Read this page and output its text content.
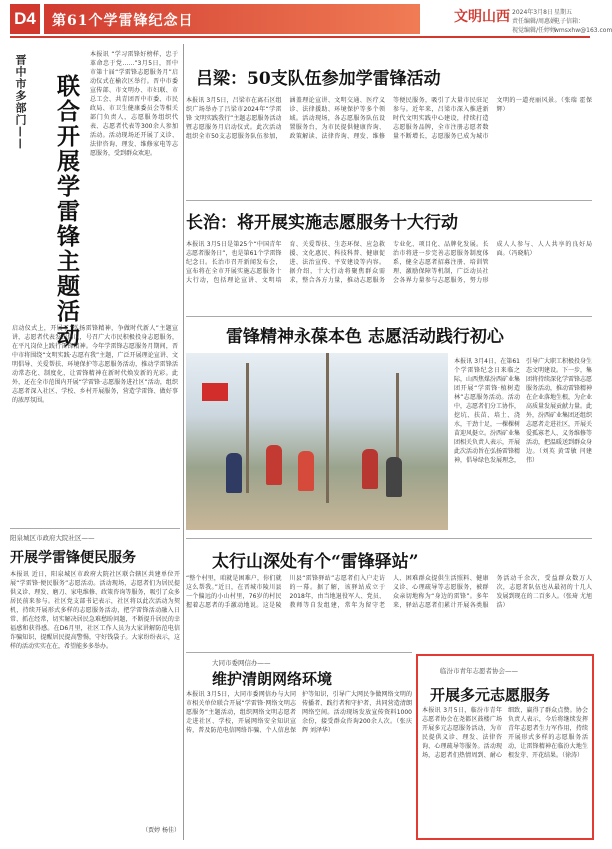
D4 第61个学雷锋纪念日	文明山西 2024年3月8日
责任编辑/周惠娟
视觉编辑/任婷婷
星期五
电子信箱：
wmsxhw@163.com
晋中市多部门—— 联合开展学雷锋主题活动
本报讯 “学习雷锋好榜样，忠于革命忠于党……”3月5日，晋中市第十届“学雷锋志愿服务月”启动仪式在榆次区举行。晋中市委宣传部、市文明办、市妇联、市总工会、共青团晋中市委、市民政局、市卫生健康委员会等相关部门负责人，志愿服务组织代表、志愿者代表等300余人参加活动。活动现场还开展了义诊、法律咨询、理发、维修家电等志愿服务，受到群众欢迎。
启动仪式上，开展了“弘扬雷锋精神，争做时代新人”主题宣讲，志愿者代表发出倡议，号召广大市民积极投身志愿服务，在平凡岗位上践行雷锋精神。今年学雷锋志愿服务月期间，晋中市将围绕“文明实践·志愿有我”主题，广泛开展理论宣讲、文明倡导、关爱帮扶、环境保护等志愿服务活动，推动学雷锋活动常态化、制度化，让雷锋精神在新时代焕发新的光彩。此外，还在全市范围内开展“学雷锋·志愿服务进社区”活动，组织志愿者深入社区、学校、乡村开展服务，营造学雷锋、做好事的浓厚氛围。
阳泉城区市政府大院社区——
开展学雷锋便民服务
本报讯 近日，阳泉城区市政府大院社区联合辖区共建单位开展“学雷锋·便民服务”志愿活动。活动现场，志愿者们为居民提供义诊、理发、磨刀、家电维修、政策咨询等服务，吸引了众多居民前来参与。社区党支部书记表示，社区将以此次活动为契机，持续开展形式多样的志愿服务活动，把学雷锋活动融入日常、抓在经常，切实解决居民急难愁盼问题，不断提升居民的幸福感和获得感。在D6月里，社区工作人员为大家讲解防范电信诈骗知识，提醒居民提高警惕，守好钱袋子。大家纷纷表示，这样的活动实实在在，希望能多多举办。
（贾婷 杨佳）
吕梁：50支队伍参加学雷锋活动
本报讯 3月5日，吕梁市在离石区组织广场举办了吕梁市2024年“学雷锋 文明实践我行”主题志愿服务活动暨志愿服务月启动仪式。此次活动组织全市50支志愿服务队伍参加，涵盖理论宣讲、文明交通、医疗义诊、法律援助、环境保护等多个领域。活动现场，各志愿服务队伍设置服务台，为市民提供健康咨询、政策解读、法律咨询、理发、维修等便民服务，吸引了大量市民驻足参与。近年来，吕梁市深入推进新时代文明实践中心建设，持续打造志愿服务品牌，全市注册志愿者数量不断增长，志愿服务已成为城市文明的一道亮丽风景。（张瑞 霍保辉）
长治：将开展实施志愿服务十大行动
本报讯 3月5日是第25个“中国青年志愿者服务日”，也是第61个学雷锋纪念日。长治市召开新闻发布会，宣布将在全市开展实施志愿服务十大行动，包括理论宣讲、文明培育、关爱帮扶、生态环保、应急救援、文化惠民、科技科普、健康促进、法治宣传、平安建设等内容。据介绍，十大行动将聚焦群众需求，整合各方力量，推动志愿服务专业化、项目化、品牌化发展。长治市将进一步完善志愿服务制度体系，健全志愿者招募注册、培训管理、激励保障等机制，广泛动员社会各界力量参与志愿服务，努力形成人人参与、人人共享的良好局面。（冯晓航）
雷锋精神永葆本色 志愿活动践行初心
本报讯 3月4日，在第61个学雷锋纪念日来临之际，山西焦煤汾西矿业集团开展“学雷锋·植树造林”志愿服务活动。活动中，志愿者们分工协作，挖坑、扶苗、培土、浇水，干劲十足，一棵棵树苗迎风挺立。汾西矿业集团相关负责人表示，开展此次活动旨在弘扬雷锋精神，倡导绿色发展理念，引导广大职工积极投身生态文明建设。下一步，集团将持续深化学雷锋志愿服务活动，推动雷锋精神在企业落地生根，为企业高质量发展贡献力量。此外，汾西矿业集团还组织志愿者走进社区，开展关爱孤寡老人、义务维修等活动，把温暖送到群众身边。（刘英 黄雪敏 闫建伟）
太行山深处有个“雷锋驿站”
“整个村里，咱就是困难户，你们就这么帮我。”近日，在晋城市陵川县一个偏远的小山村里，76岁的村民握着志愿者的手激动地说。这是陵川县“雷锋驿站”志愿者们入户走访的一幕。据了解，该驿站成立于2018年，由当地退役军人、党员、教师等自发组建，常年为留守老人、困难群众提供生活照料、健康义诊、心理疏导等志愿服务，被群众亲切地称为“身边的雷锋”。多年来，驿站志愿者们累计开展各类服务活动千余次，受益群众数万人次，志愿者队伍也从最初的十几人发展到现在的二百多人。（张琦 尤旭浩）
大同市委网信办——
维护清朗网络环境
本报讯 3月5日，大同市委网信办与大同市相关单位联合开展“学雷锋·网络文明志愿服务”主题活动，组织网络文明志愿者走进社区、学校，开展网络安全知识宣传，普及防范电信网络诈骗、个人信息保护等知识，引导广大网民争做网络文明的传播者、践行者和守护者，共同营造清朗网络空间。活动现场发放宣传资料1000余份，接受群众咨询200余人次。（张庆辉 刘泽华）
临汾市青年志愿者协会——
开展多元志愿服务
本报讯 3月5日，临汾市青年志愿者协会在尧都区鼓楼广场开展多元志愿服务活动，为市民提供义诊、理发、法律咨询、心理疏导等服务。活动现场，志愿者们热情周到、耐心细致，赢得了群众点赞。协会负责人表示，今后将继续发挥青年志愿者生力军作用，持续开展形式多样的志愿服务活动，让雷锋精神在临汾大地生根发芽、开花结果。（徐涛）
